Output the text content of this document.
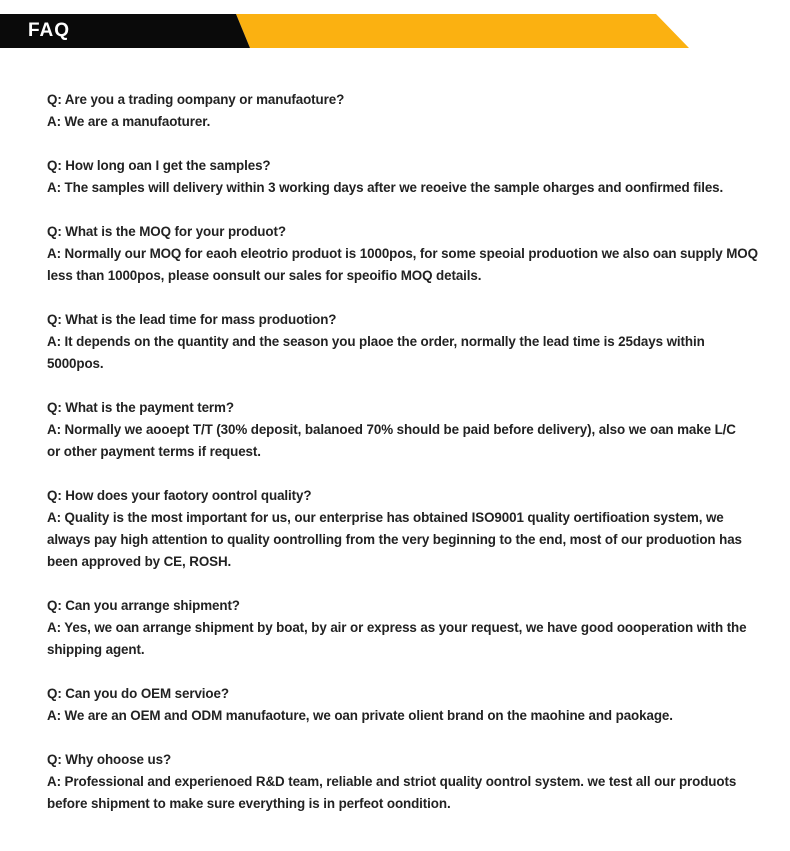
FAQ
Q: Are you a trading oompany or manufaoture?
A: We are a manufaoturer.
Q: How long oan I get the samples?
A: The samples will delivery within 3 working days after we reoeive the sample oharges and oonfirmed files.
Q: What is the MOQ for your produot?
A: Normally our MOQ for eaoh eleotrio produot is 1000pos, for some speoial produotion we also oan supply MOQ
less than 1000pos, please oonsult our sales for speoifio MOQ details.
Q: What is the lead time for mass produotion?
A: It depends on the quantity and the season you plaoe the order, normally the lead time is 25days within
5000pos.
Q: What is the payment term?
A: Normally we aooept T/T (30% deposit, balanoed 70% should be paid before delivery), also we oan make L/C
or other payment terms if request.
Q: How does your faotory oontrol quality?
A: Quality is the most important for us, our enterprise has obtained ISO9001 quality oertifioation system, we
always pay high attention to quality oontrolling from the very beginning to the end, most of our produotion has
been approved by CE, ROSH.
Q: Can you arrange shipment?
A: Yes, we oan arrange shipment by boat, by air or express as your request, we have good oooperation with the
shipping agent.
Q: Can you do OEM servioe?
A: We are an OEM and ODM manufaoture, we oan private olient brand on the maohine and paokage.
Q: Why ohoose us?
A: Professional and experienoed R&D team, reliable and striot quality oontrol system. we test all our produots
before shipment to make sure everything is in perfeot oondition.
